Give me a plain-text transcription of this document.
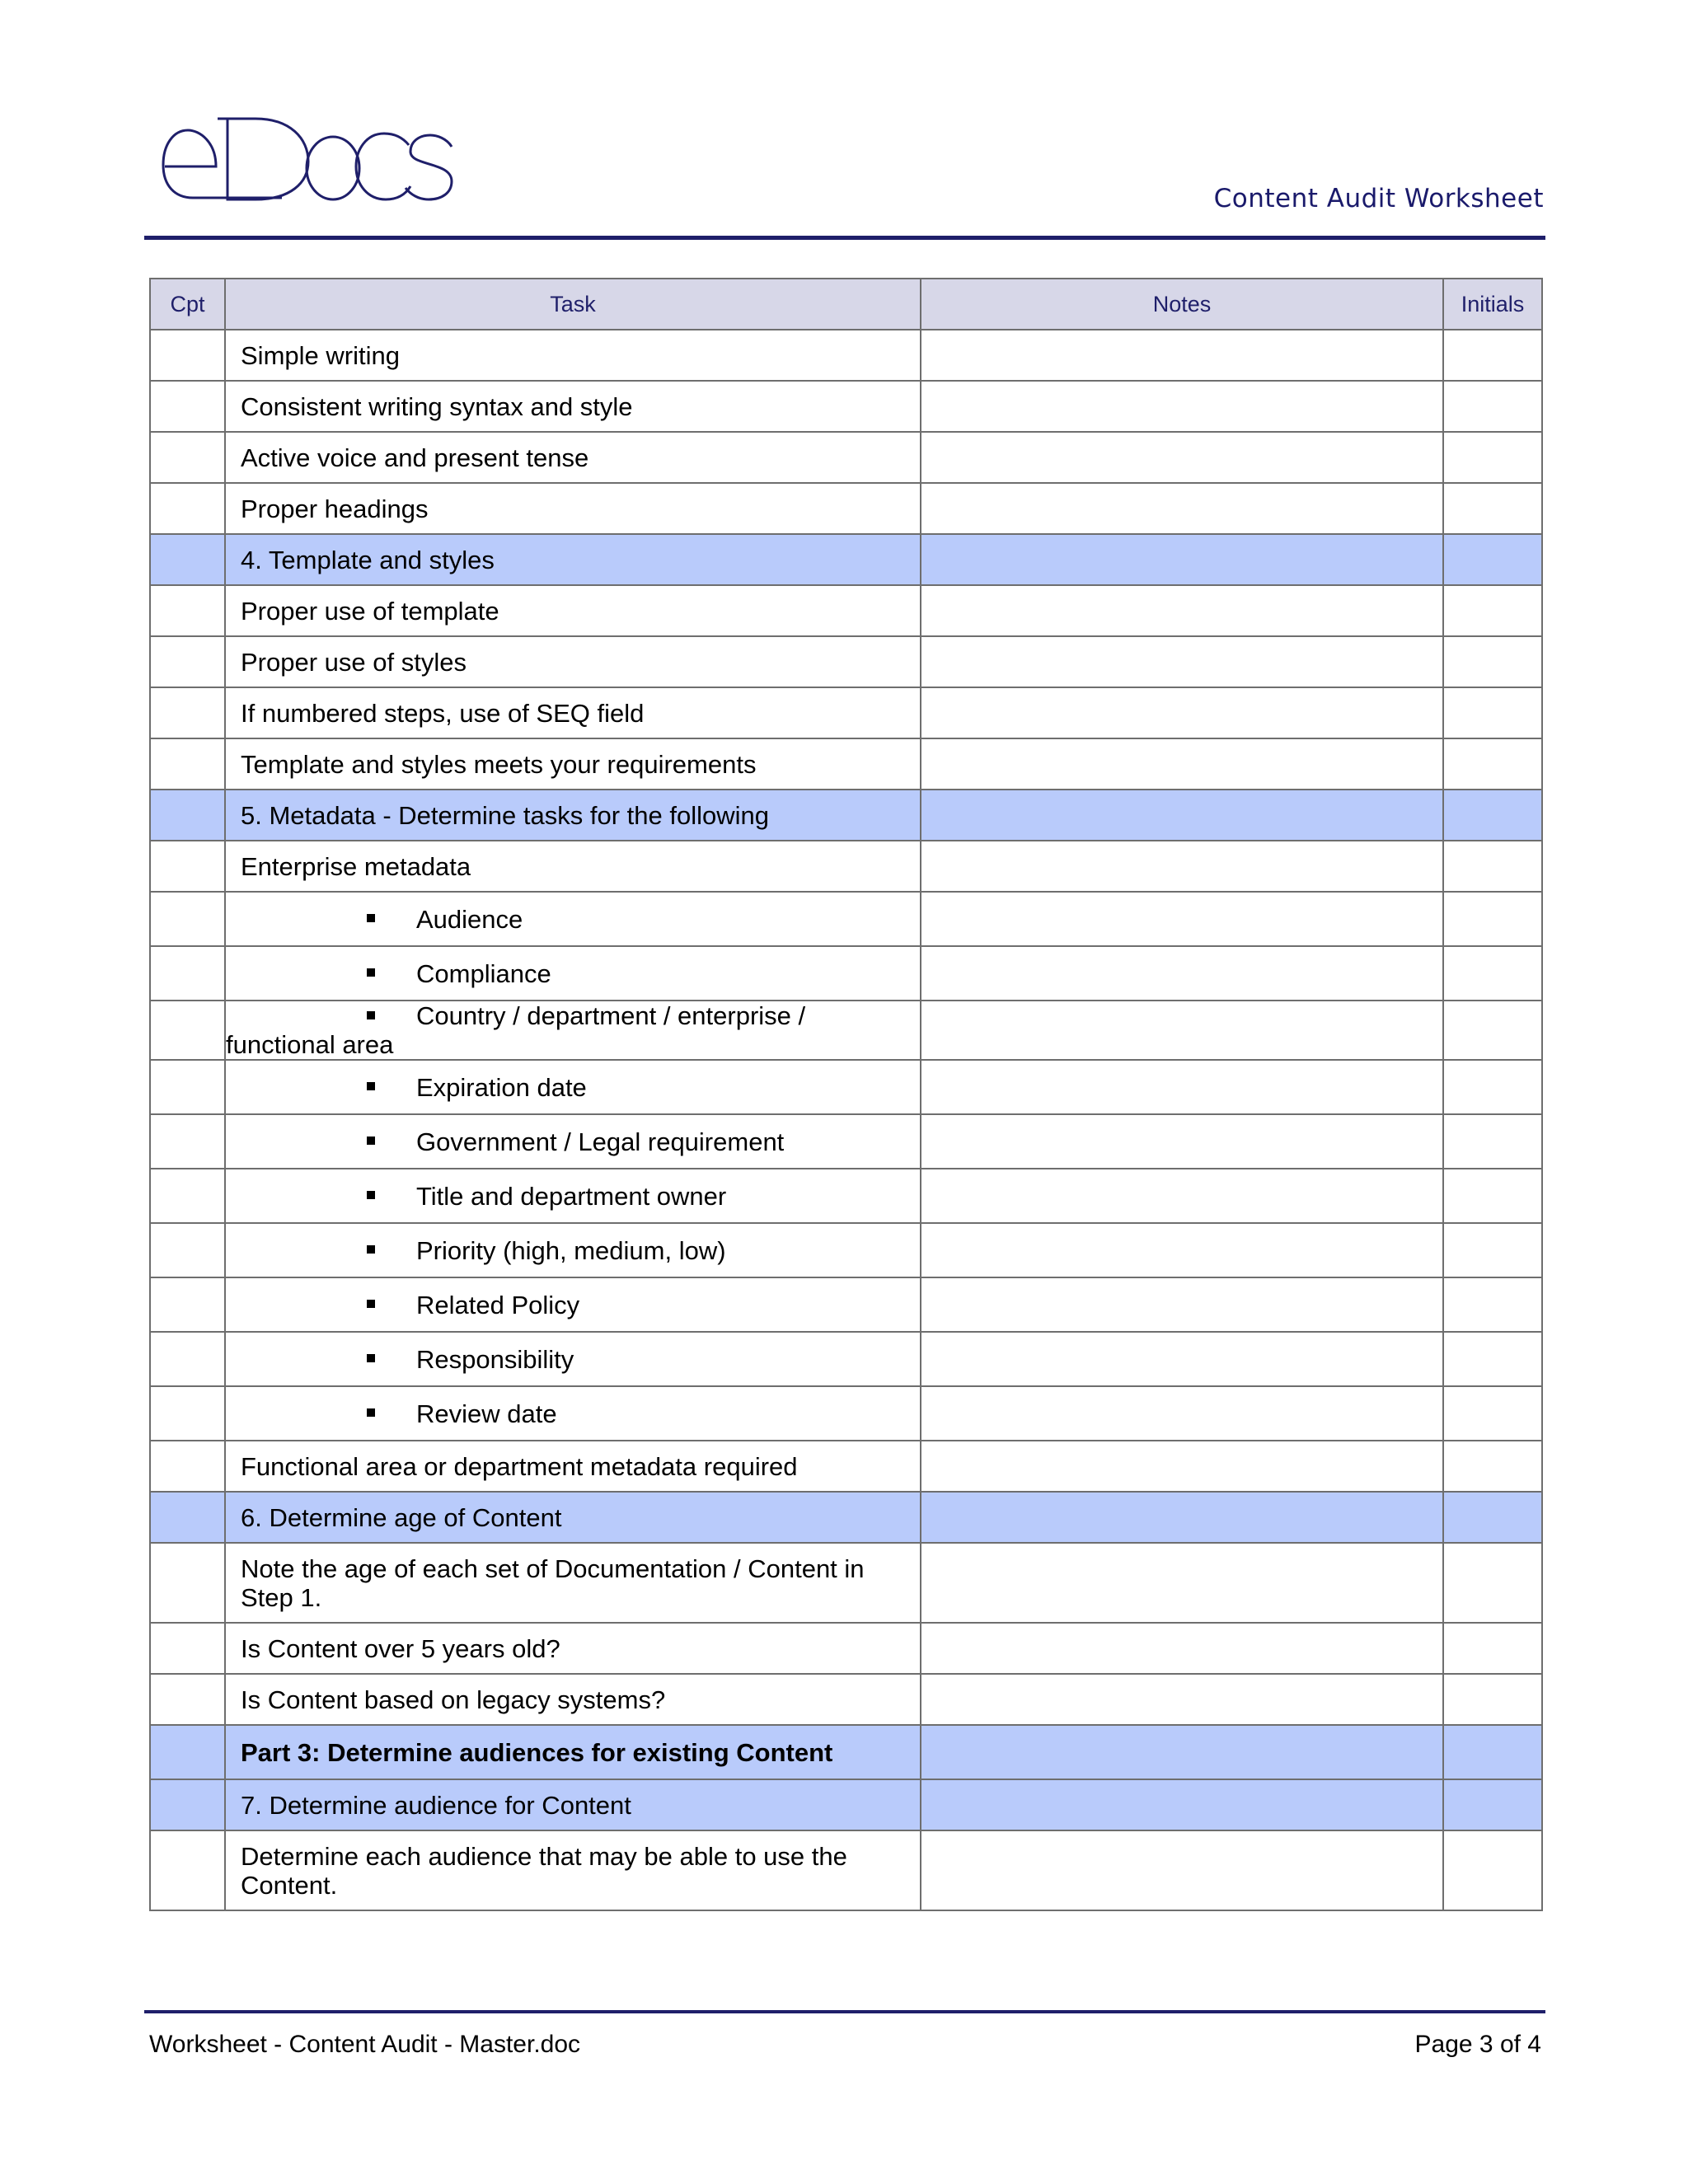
Content Audit Worksheet
Cpt	Task	Notes	Initials
	Simple writing		
	Consistent writing syntax and style		
	Active voice and present tense		
	Proper headings		
	4. Template and styles		
	Proper use of template		
	Proper use of styles		
	If numbered steps, use of SEQ field		
	Template and styles meets your requirements		
	5. Metadata - Determine tasks for the following		
	Enterprise metadata		
	Audience		
	Compliance		
	Country / department / enterprise / functional area		
	Expiration date		
	Government / Legal requirement		
	Title and department owner		
	Priority (high, medium, low)		
	Related Policy		
	Responsibility		
	Review date		
	Functional area or department metadata required		
	6. Determine age of Content		
	Note the age of each set of Documentation / Content in Step 1.		
	Is Content over 5 years old?		
	Is Content based on legacy systems?		
	Part 3: Determine audiences for existing Content		
	7. Determine audience for Content		
	Determine each audience that may be able to use the Content.		
Worksheet - Content Audit - Master.doc	Page 3 of 4
